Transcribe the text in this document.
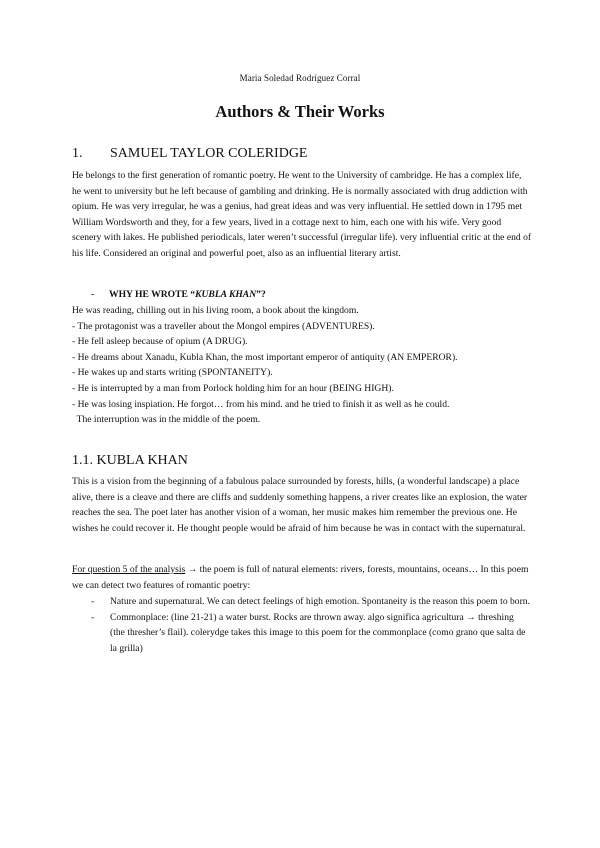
Maria Soledad Rodríguez Corral
Authors & Their Works
1. SAMUEL TAYLOR COLERIDGE

He belongs to the first generation of romantic poetry. He went to the University of cambridge. He has a complex life, he went to university but he left because of gambling and drinking. He is normally associated with drug addiction with opium. He was very irregular, he was a genius, had great ideas and was very influential. He settled down in 1795 met William Wordsworth and they, for a few years, lived in a cottage next to him, each one with his wife. Very good scenery with lakes. He published periodicals, later weren’t successful (irregular life). very influential critic at the end of his life. Considered an original and powerful poet, also as an influential literary artist.

- WHY HE WROTE “KUBLA KHAN”?
He was reading, chilling out in his living room, a book about the kingdom.
- The protagonist was a traveller about the Mongol empires (ADVENTURES).
- He fell asleep because of opium (A DRUG).
- He dreams about Xanadu, Kubla Khan, the most important emperor of antiquity (AN EMPEROR).
- He wakes up and starts writing (SPONTANEITY).
- He is interrupted by a man from Porlock holding him for an hour (BEING HIGH).
- He was losing inspiation. He forgot… from his mind. and he tried to finish it as well as he could.
The interruption was in the middle of the poem.
1.1. KUBLA KHAN

This is a vision from the beginning of a fabulous palace surrounded by forests, hills, (a wonderful landscape) a place alive, there is a cleave and there are cliffs and suddenly something happens, a river creates like an explosion, the water reaches the sea. The poet later has another vision of a woman, her music makes him remember the previous one. He wishes he could recover it. He thought people would be afraid of him because he was in contact with the supernatural.

For question 5 of the analysis → the poem is full of natural elements: rivers, forests, mountains, oceans… In this poem we can detect two features of romantic poetry:

- Nature and supernatural. We can detect feelings of high emotion. Spontaneity is the reason this poem to born.
- Commonplace: (line 21-21) a water burst. Rocks are thrown away. algo significa agricultura → threshing (the thresher’s flail). colerydge takes this image to this poem for the commonplace (como grano que salta de la grilla)
